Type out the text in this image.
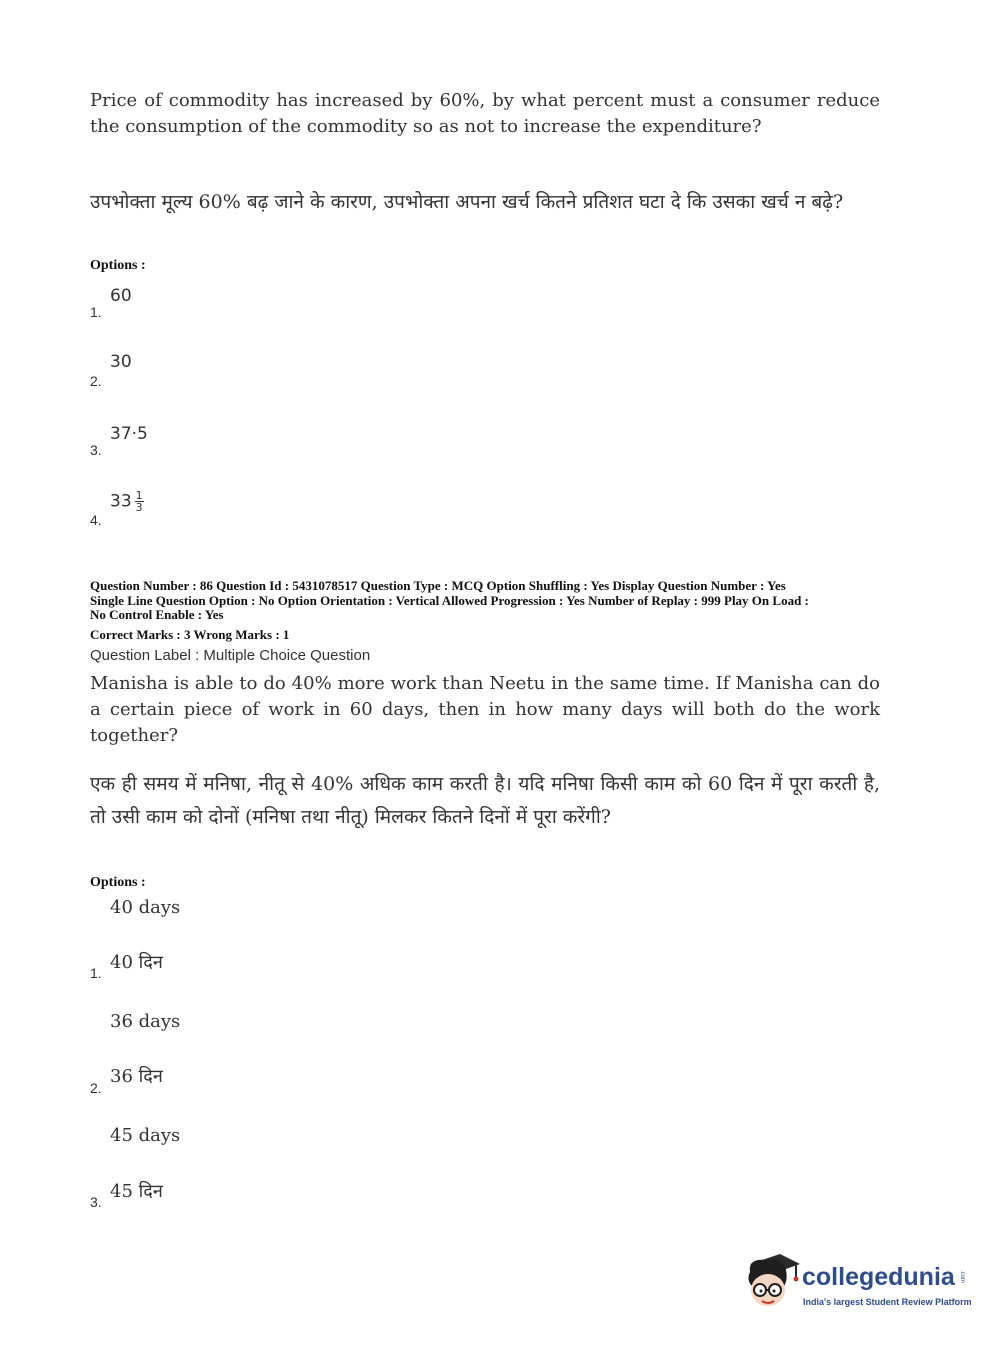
Price of commodity has increased by 60%, by what percent must a consumer reduce the consumption of the commodity so as not to increase the expenditure?
उपभोक्ता मूल्य 60% बढ़ जाने के कारण, उपभोक्ता अपना खर्च कितने प्रतिशत घटा दे कि उसका खर्च न बढ़े?
Options :
60
1.
30
2.
37·5
3.
$33 \frac{1}{3}$
4.
Question Number : 86 Question Id : 5431078517 Question Type : MCQ Option Shuffling : Yes Display Question Number : Yes
Single Line Question Option : No Option Orientation : Vertical Allowed Progression : Yes Number of Replay : 999 Play On Load :
No Control Enable : Yes
Correct Marks : 3 Wrong Marks : 1
Question Label : Multiple Choice Question
Manisha is able to do 40% more work than Neetu in the same time. If Manisha can do a certain piece of work in 60 days, then in how many days will both do the work together?
एक ही समय में मनिषा, नीतू से 40% अधिक काम करती है। यदि मनिषा किसी काम को 60 दिन में पूरा करती है, तो उसी काम को दोनों (मनिषा तथा नीतू) मिलकर कितने दिनों में पूरा करेंगी?
Options :
40 days
40 दिन
1.
36 days
36 दिन
2.
45 days
45 दिन
3.
collegedunia .com
India's largest Student Review Platform
